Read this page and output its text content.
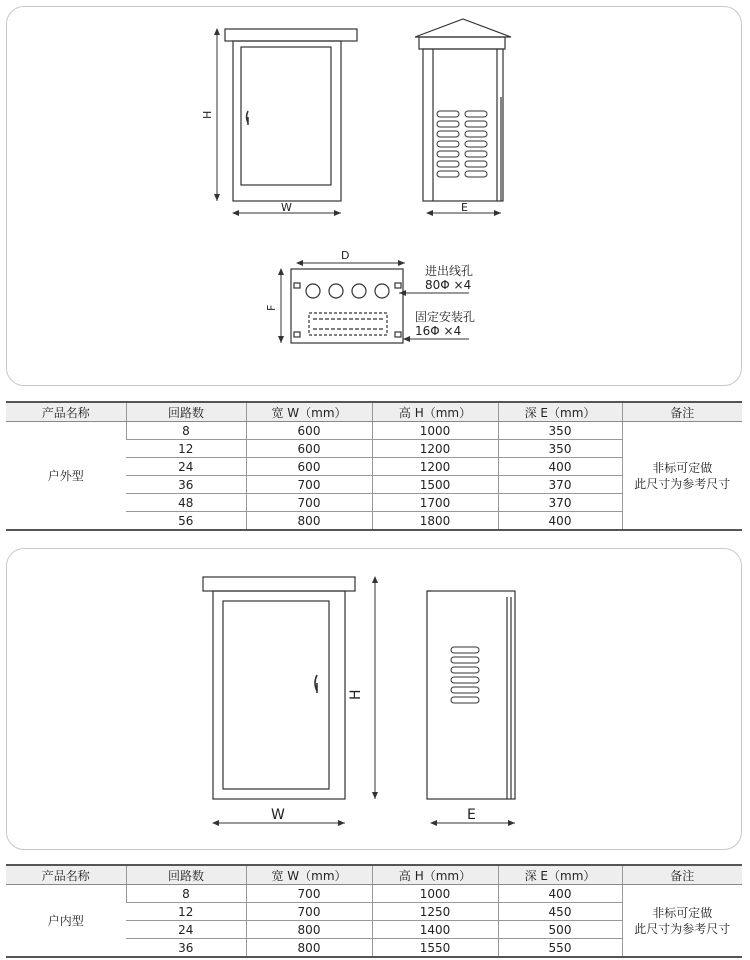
H
W	E
D
F
进出线孔
80Φ ×4
固定安装孔
16Φ ×4
产品名称	回路数	宽 W（mm）	高 H（mm）	深 E（mm）	备注
户外型	8	600	1000	350	非标可定做
此尺寸为参考尺寸
	12	600	1200	350	
	24	600	1200	400	
	36	700	1500	370	
	48	700	1700	370	
	56	800	1800	400	
H
W	E
产品名称	回路数	宽 W（mm）	高 H（mm）	深 E（mm）	备注
户内型	8	700	1000	400	非标可定做
此尺寸为参考尺寸
	12	700	1250	450	
	24	800	1400	500	
	36	800	1550	550	
